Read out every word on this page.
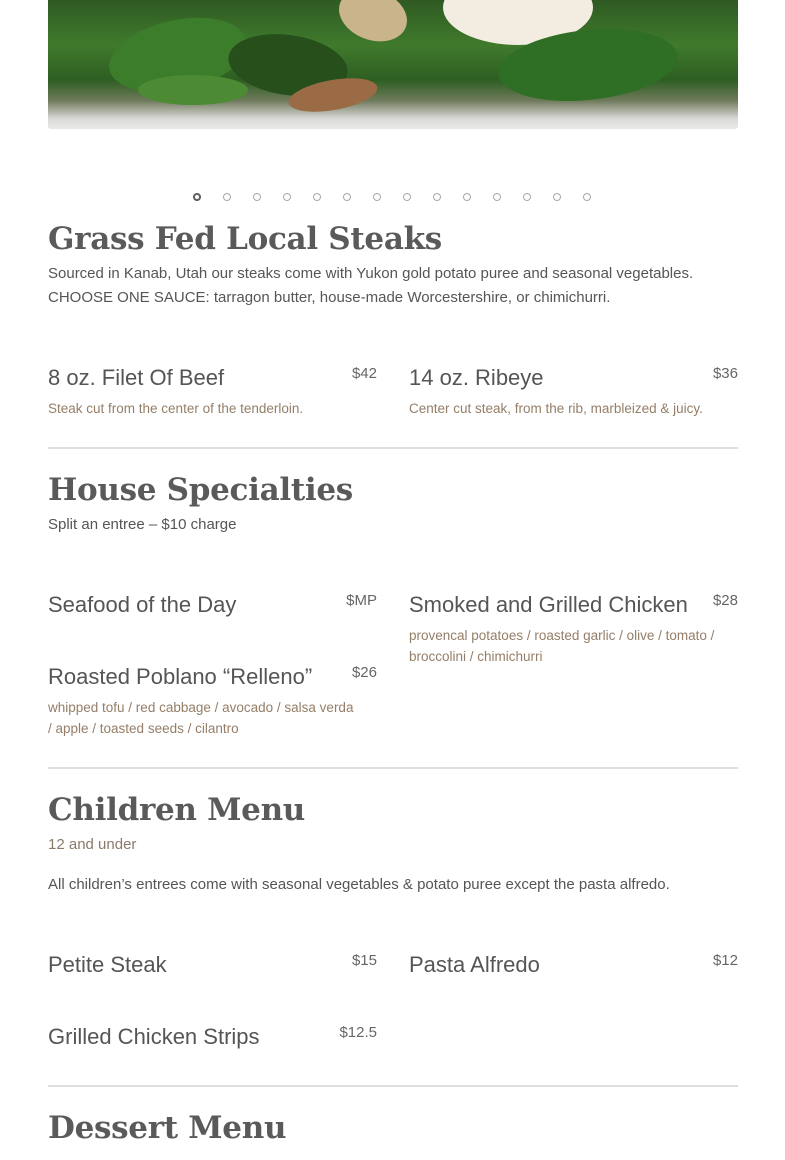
Grass Fed Local Steaks
Sourced in Kanab, Utah our steaks come with Yukon gold potato puree and seasonal vegetables.
CHOOSE ONE SAUCE: tarragon butter, house-made Worcestershire, or chimichurri.
8 oz. Filet Of Beef	$42
Steak cut from the center of the tenderloin.
14 oz. Ribeye	$36
Center cut steak, from the rib, marbleized & juicy.
House Specialties
Split an entree – $10 charge
Seafood of the Day	$MP Smoked and Grilled Chicken	$28
provencal potatoes / roasted garlic / olive / tomato /
broccolini / chimichurri
Roasted Poblano “Relleno”	$26
whipped tofu / red cabbage / avocado / salsa verda
/ apple / toasted seeds / cilantro
Children Menu
12 and under
All children’s entrees come with seasonal vegetables & potato puree except the pasta alfredo.
Petite Steak	$15 Pasta Alfredo	$12
Grilled Chicken Strips	$12.5
Dessert Menu
